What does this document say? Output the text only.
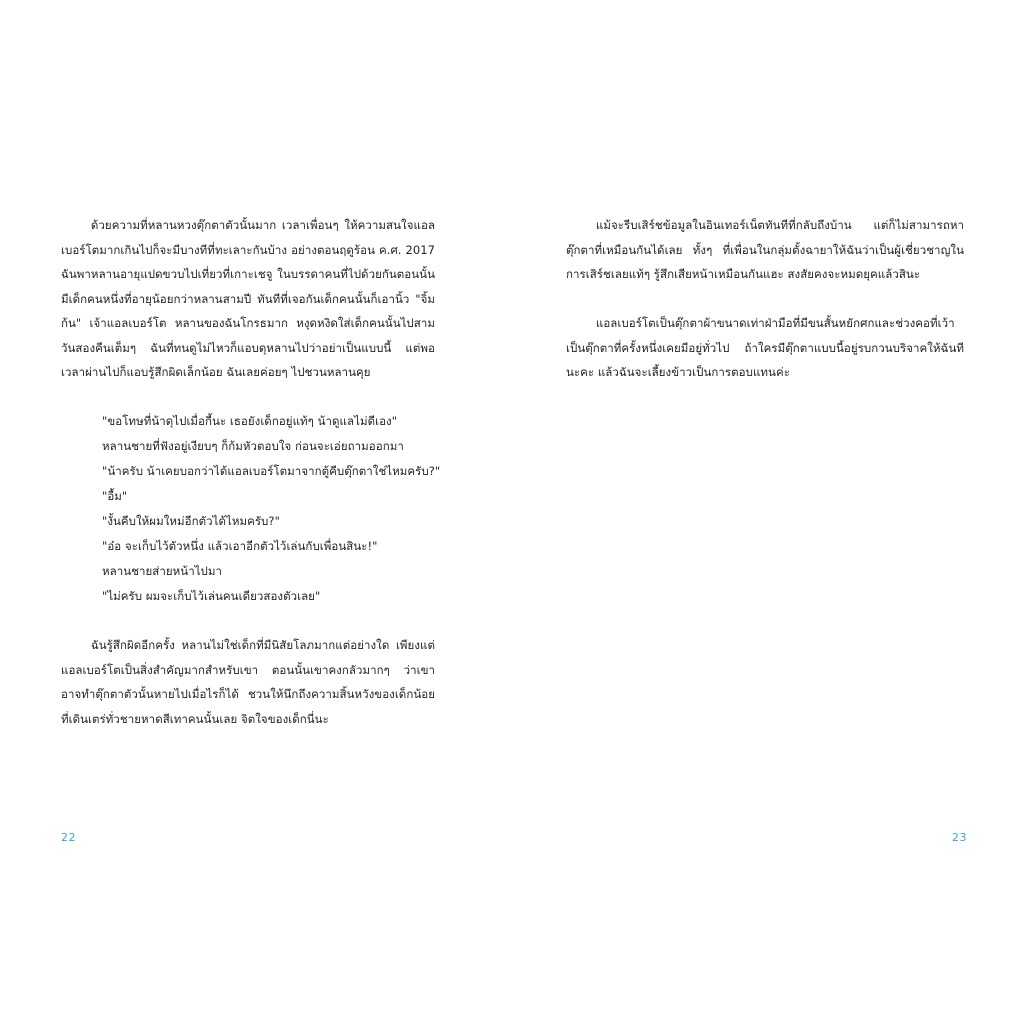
ด้วยความที่หลานหวงตุ๊กตาตัวนั้นมาก เวลาเพื่อนๆ ให้ความสนใจแอลเบอร์โตมากเกินไปก็จะมีบางทีที่ทะเลาะกันบ้าง อย่างตอนฤดูร้อน ค.ศ. 2017 ฉันพาหลานอายุแปดขวบไปเที่ยวที่เกาะเชจู ในบรรดาคนที่ไปด้วยกันตอนนั้นมีเด็กคนหนึ่งที่อายุน้อยกว่าหลานสามปี ทันทีที่เจอกันเด็กคนนั้นก็เอานิ้ว "จิ้มก้น" เจ้าแอลเบอร์โต หลานของฉันโกรธมาก หงุดหงิดใส่เด็กคนนั้นไปสามวันสองคืนเต็มๆ ฉันที่ทนดูไม่ไหวก็แอบดุหลานไปว่าอย่าเป็นแบบนี้ แต่พอเวลาผ่านไปก็แอบรู้สึกผิดเล็กน้อย ฉันเลยค่อยๆ ไปชวนหลานคุย

"ขอโทษที่น้าดุไปเมื่อกี้นะ เธอยังเด็กอยู่แท้ๆ น้าดูแลไม่ดีเอง"
หลานชายที่ฟังอยู่เงียบๆ ก็ก้มหัวตอบใจ ก่อนจะเอ่ยถามออกมา
"น้าครับ น้าเคยบอกว่าได้แอลเบอร์โตมาจากตู้คีบตุ๊กตาใช่ไหมครับ?"
"อื้ม"
"งั้นคีบให้ผมใหม่อีกตัวได้ไหมครับ?"
"อ๋อ จะเก็บไว้ตัวหนึ่ง แล้วเอาอีกตัวไว้เล่นกับเพื่อนสินะ!"
หลานชายส่ายหน้าไปมา
"ไม่ครับ ผมจะเก็บไว้เล่นคนเดียวสองตัวเลย"

ฉันรู้สึกผิดอีกครั้ง หลานไม่ใช่เด็กที่มีนิสัยโลภมากแต่อย่างใด เพียงแต่แอลเบอร์โตเป็นสิ่งสำคัญมากสำหรับเขา ตอนนั้นเขาคงกลัวมากๆ ว่าเขาอาจทำตุ๊กตาตัวนั้นหายไปเมื่อไรก็ได้ ชวนให้นึกถึงความสิ้นหวังของเด็กน้อยที่เดินเตร่ทั่วชายหาดสีเทาคนนั้นเลย จิตใจของเด็กนี่นะ

22

แม้จะรีบเสิร์ชข้อมูลในอินเทอร์เน็ตทันทีที่กลับถึงบ้าน แต่ก็ไม่สามารถหาตุ๊กตาที่เหมือนกันได้เลย ทั้งๆ ที่เพื่อนในกลุ่มตั้งฉายาให้ฉันว่าเป็นผู้เชี่ยวชาญในการเสิร์ชเลยแท้ๆ รู้สึกเสียหน้าเหมือนกันแฮะ สงสัยคงจะหมดยุคแล้วสินะ

แอลเบอร์โตเป็นตุ๊กตาผ้าขนาดเท่าฝ่ามือที่มีขนสั้นหยักศกและช่วงคอที่เว้า เป็นตุ๊กตาที่ครั้งหนึ่งเคยมีอยู่ทั่วไป ถ้าใครมีตุ๊กตาแบบนี้อยู่รบกวนบริจาคให้ฉันทีนะคะ แล้วฉันจะเลี้ยงข้าวเป็นการตอบแทนค่ะ

23
